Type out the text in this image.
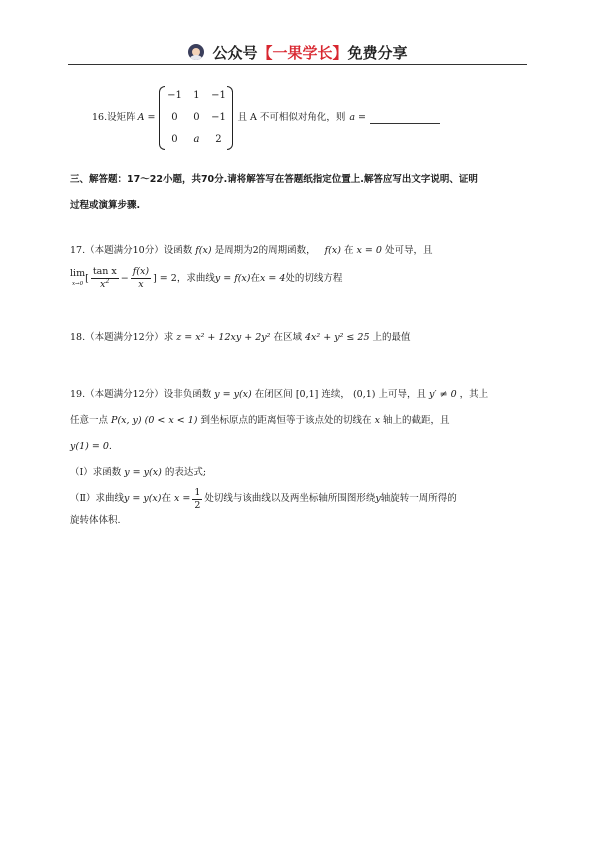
公众号 【 一果学长 】 免费分享
16.设矩阵 A =
−1	1	−1
0	0	−1
0	a	2
且 A 不可相似对角化，则 a =
三、解答题：17～22小题，共70分.请将解答写在答题纸指定位置上.解答应写出文字说明、证明
过程或演算步骤.
17.（本题满分10分）设函数 f(x) 是周期为2的周期函数， f(x) 在 x = 0 处可导，且
lim
x→0 [ $\frac{\text{tan x}}{x^2} - \frac{f(x)}{x}$ ] = 2 ，求曲线 y = f(x) 在 x = 4 处的切线方程
18.（本题满分12分）求 z = x² + 12xy + 2y² 在区域 4x² + y² ≤ 25 上的最值
19.（本题满分12分）设非负函数 y = y(x) 在闭区间 [0,1] 连续， (0,1) 上可导，且 y′ ≠ 0 ，其上
任意一点 P(x, y) (0 < x < 1) 到坐标原点的距离恒等于该点处的切线在 x 轴上的截距，且
y(1) = 0.
（Ⅰ）求函数 y = y(x) 的表达式;
（Ⅱ）求曲线 y = y(x) 在 $x = \frac{1}{2}$ 处切线与该曲线以及两坐标轴所围图形绕 y 轴旋转一周所得的
旋转体体积.
